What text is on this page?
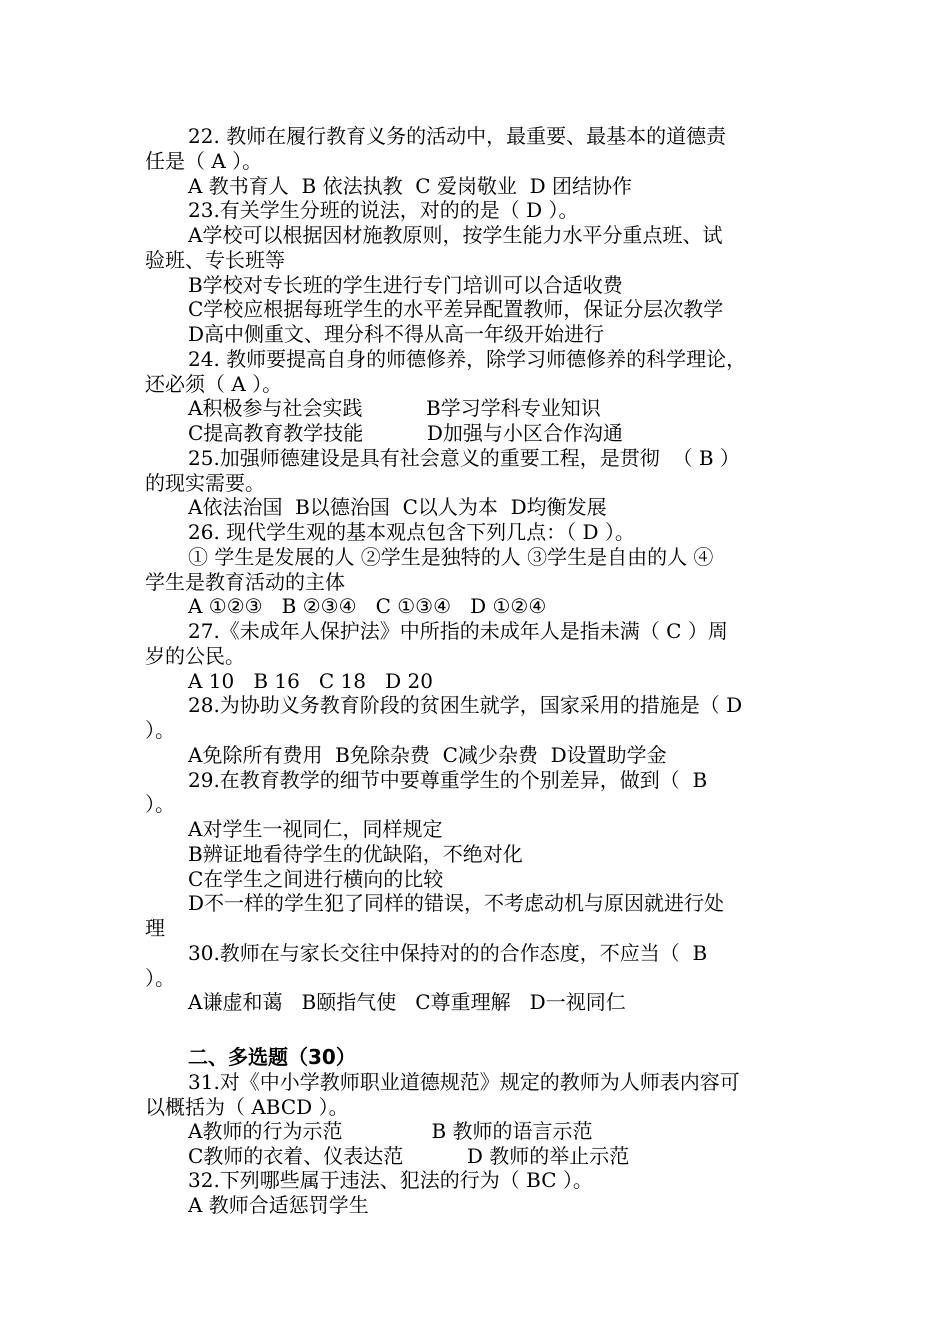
22. 教师在履行教育义务的活动中，最重要、最基本的道德责
任是（ A ）。
A 教书育人  B 依法执教  C 爱岗敬业  D 团结协作
23.有关学生分班的说法，对的的是（ D ）。
A学校可以根据因材施教原则，按学生能力水平分重点班、试
验班、专长班等
B学校对专长班的学生进行专门培训可以合适收费
C学校应根据每班学生的水平差异配置教师，保证分层次教学
D高中侧重文、理分科不得从高一年级开始进行
24. 教师要提高自身的师德修养，除学习师德修养的科学理论，
还必须（ A ）。
A积极参与社会实践          B学习学科专业知识
C提高教育教学技能          D加强与小区合作沟通
25.加强师德建设是具有社会意义的重要工程，是贯彻  （ B ）
的现实需要。
A依法治国  B以德治国  C以人为本  D均衡发展
26. 现代学生观的基本观点包含下列几点：（ D ）。
① 学生是发展的人 ②学生是独特的人 ③学生是自由的人 ④
学生是教育活动的主体
A ①②③   B ②③④   C ①③④   D ①②④
27.《未成年人保护法》中所指的未成年人是指未满（ C ）周
岁的公民。
A 10   B 16   C 18   D 20
28.为协助义务教育阶段的贫困生就学，国家采用的措施是（ D
）。
A免除所有费用  B免除杂费  C减少杂费  D设置助学金
29.在教育教学的细节中要尊重学生的个别差异，做到（  B
）。
A对学生一视同仁，同样规定
B辨证地看待学生的优缺陷，不绝对化
C在学生之间进行横向的比较
D不一样的学生犯了同样的错误，不考虑动机与原因就进行处
理
30.教师在与家长交往中保持对的的合作态度，不应当（  B
）。
A谦虚和蔼   B颐指气使   C尊重理解   D一视同仁
二、多选题（30）
31.对《中小学教师职业道德规范》规定的教师为人师表内容可
以概括为（ ABCD ）。
A教师的行为示范              B 教师的语言示范
C教师的衣着、仪表达范          D 教师的举止示范
32.下列哪些属于违法、犯法的行为（ BC ）。
A 教师合适惩罚学生
